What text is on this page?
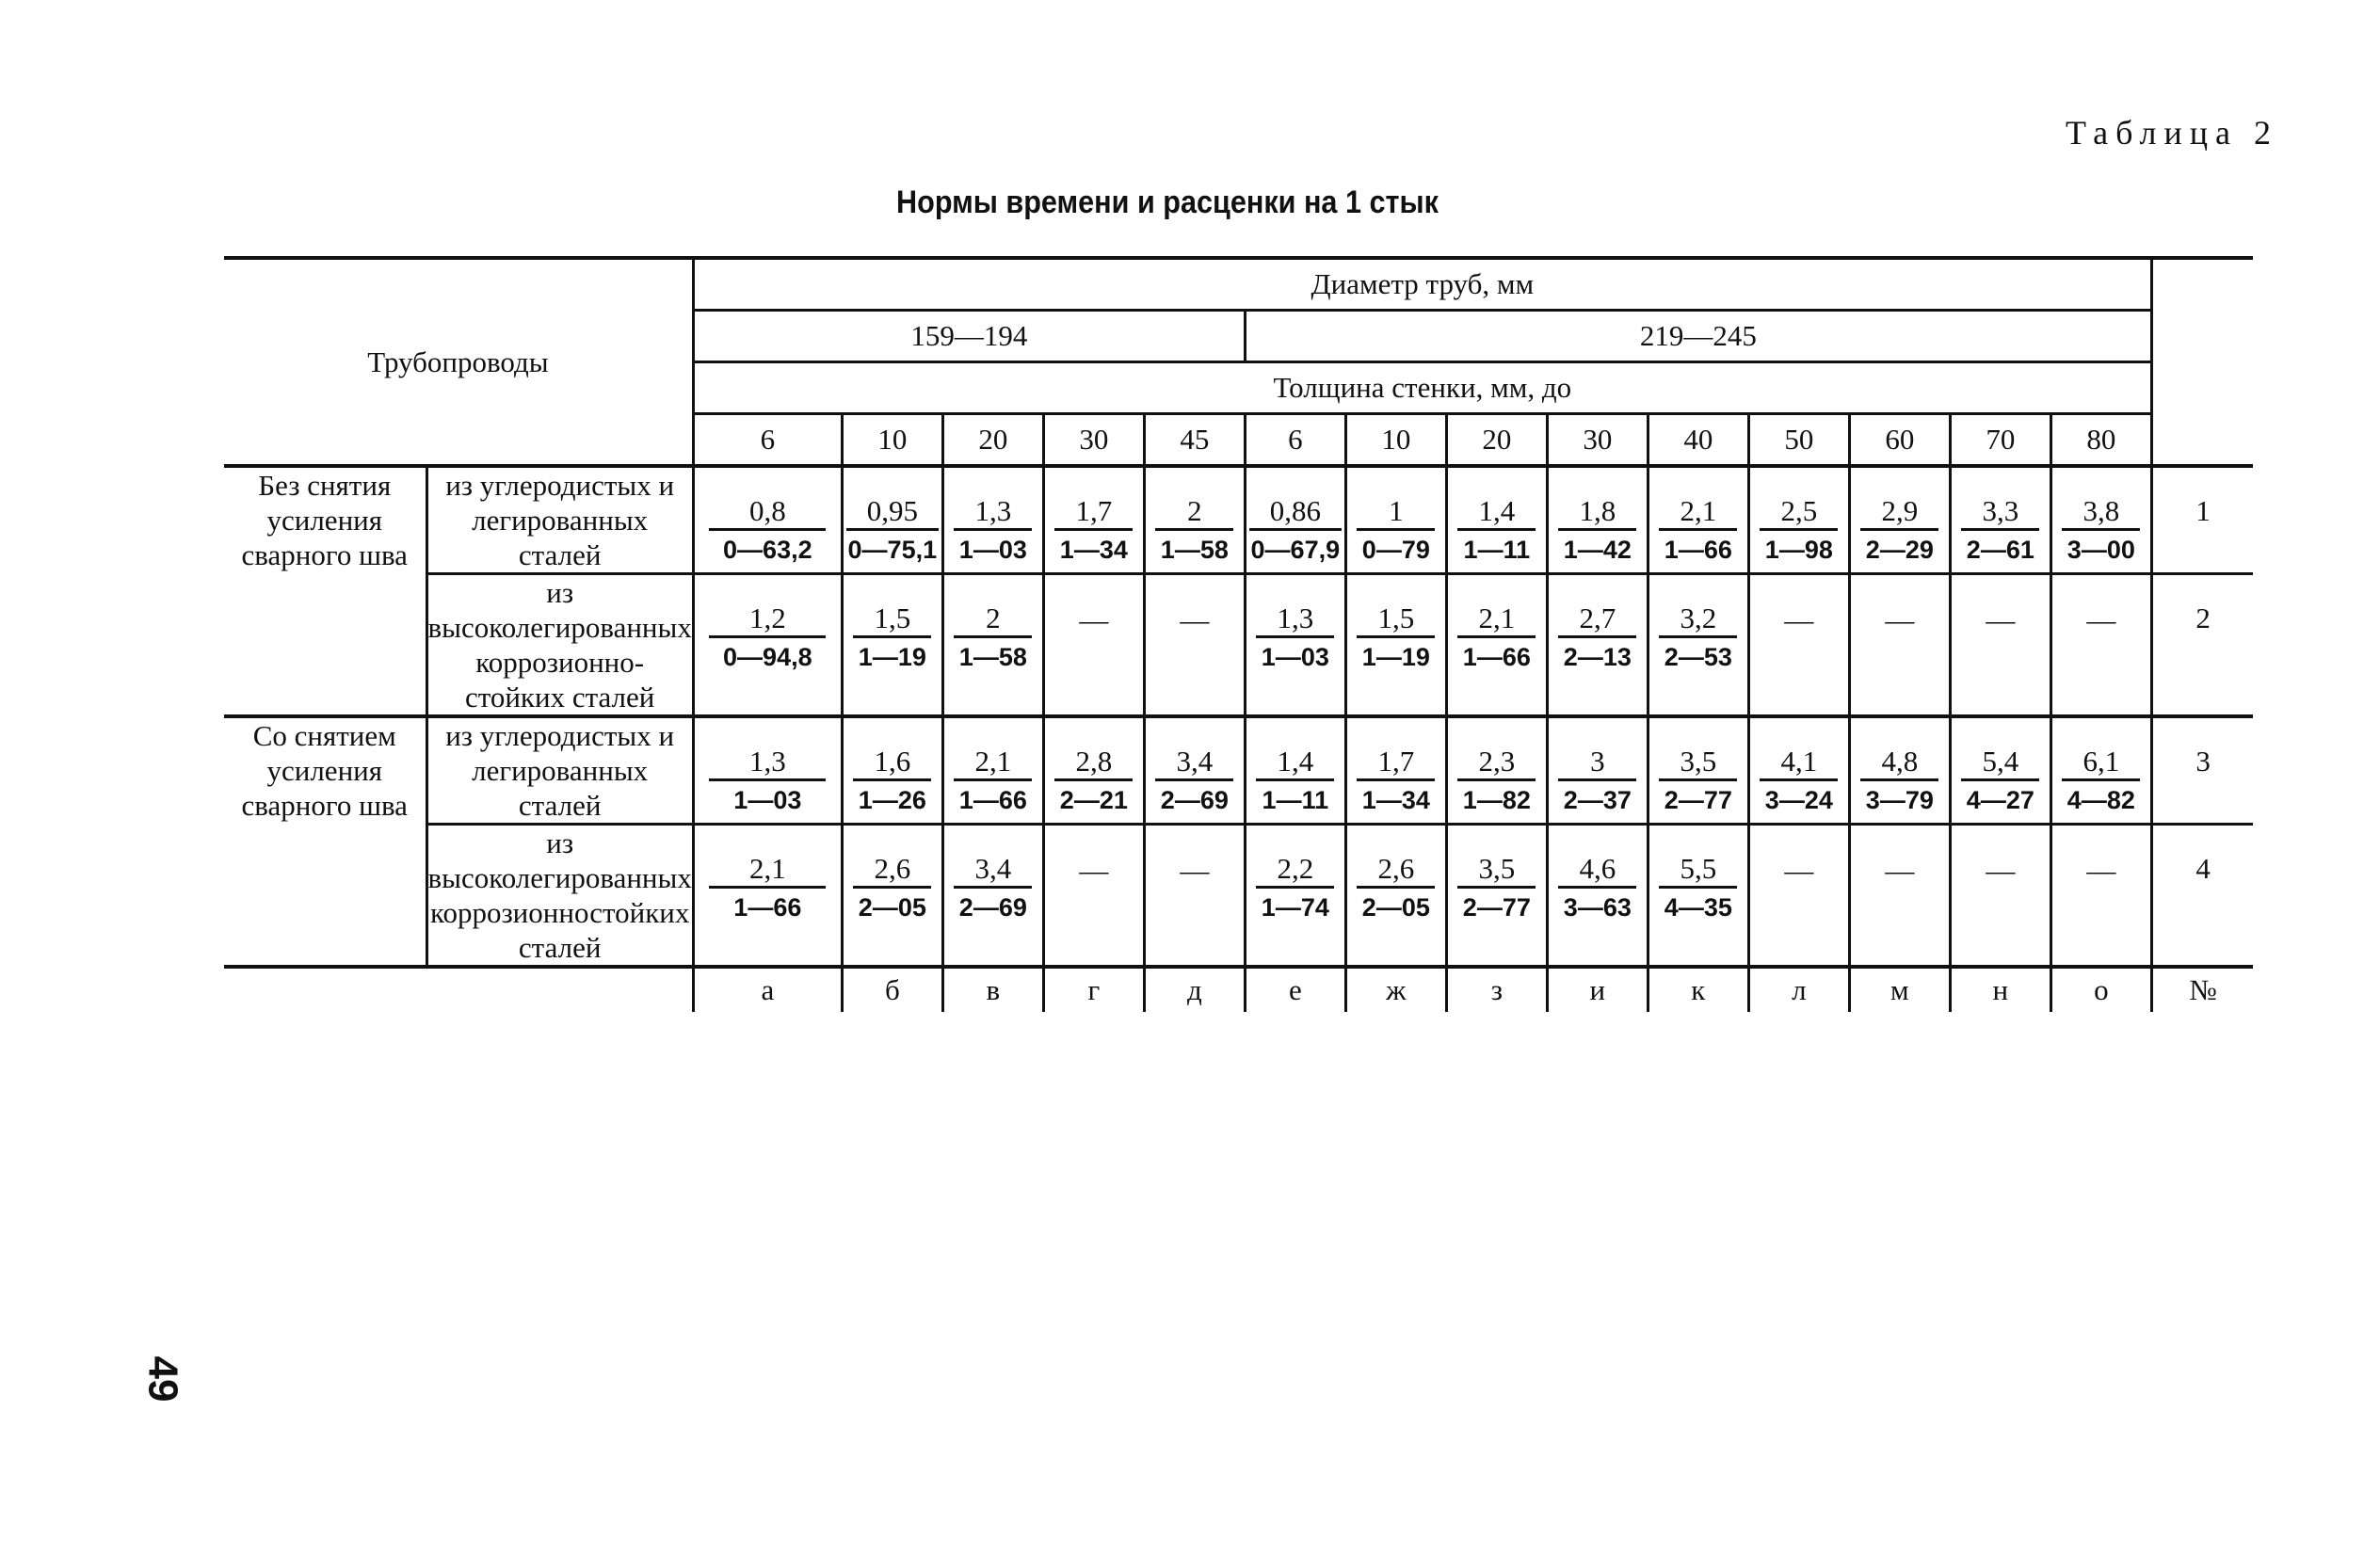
Таблица 2
Нормы времени и расценки на 1 стык
49
Трубопроводы		Диаметр труб, мм														
		159—194					219—245									
		Толщина стенки, мм, до														
		6	10	20	30	45	6	10	20	30	40	50	60	70	80	
Без снятия усиления сварного шва	из углеродистых и легированных сталей	$\frac{0,8}{0—63,2}$	$\frac{0,95}{0—75,1}$	$\frac{1,3}{1—03}$	$\frac{1,7}{1—34}$	$\frac{2}{1—58}$	$\frac{0,86}{0—67,9}$	$\frac{1}{0—79}$	$\frac{1,4}{1—11}$	$\frac{1,8}{1—42}$	$\frac{2,1}{1—66}$	$\frac{2,5}{1—98}$	$\frac{2,9}{2—29}$	$\frac{3,3}{2—61}$	$\frac{3,8}{3—00}$	1
	из высоколегированных коррозионно-стойких сталей	$\frac{1,2}{0—94,8}$	$\frac{1,5}{1—19}$	$\frac{2}{1—58}$	—	—	$\frac{1,3}{1—03}$	$\frac{1,5}{1—19}$	$\frac{2,1}{1—66}$	$\frac{2,7}{2—13}$	$\frac{3,2}{2—53}$	—	—	—	—	2
Со снятием усиления сварного шва	из углеродистых и легированных сталей	$\frac{1,3}{1—03}$	$\frac{1,6}{1—26}$	$\frac{2,1}{1—66}$	$\frac{2,8}{2—21}$	$\frac{3,4}{2—69}$	$\frac{1,4}{1—11}$	$\frac{1,7}{1—34}$	$\frac{2,3}{1—82}$	$\frac{3}{2—37}$	$\frac{3,5}{2—77}$	$\frac{4,1}{3—24}$	$\frac{4,8}{3—79}$	$\frac{5,4}{4—27}$	$\frac{6,1}{4—82}$	3
	из высоколегированных коррозионностойких сталей	$\frac{2,1}{1—66}$	$\frac{2,6}{2—05}$	$\frac{3,4}{2—69}$	—	—	$\frac{2,2}{1—74}$	$\frac{2,6}{2—05}$	$\frac{3,5}{2—77}$	$\frac{4,6}{3—63}$	$\frac{5,5}{4—35}$	—	—	—	—	4
		а	б	в	г	д	е	ж	з	и	к	л	м	н	о	№
